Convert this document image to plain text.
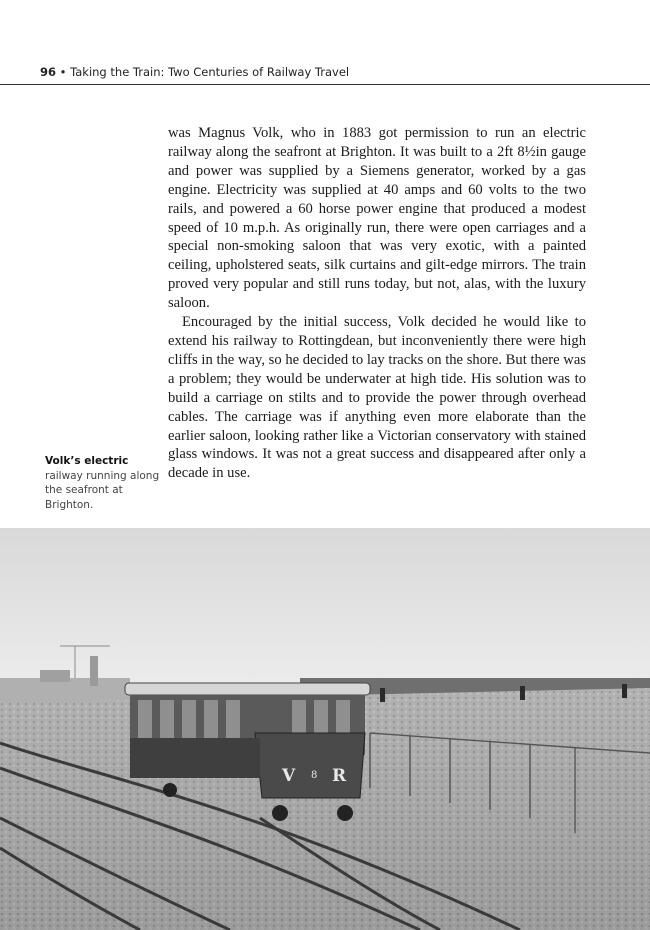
96 • Taking the Train: Two Centuries of Railway Travel

was Magnus Volk, who in 1883 got permission to run an electric railway along the seafront at Brighton. It was built to a 2ft 8½in gauge and power was supplied by a Siemens generator, worked by a gas engine. Electricity was supplied at 40 amps and 60 volts to the two rails, and powered a 60 horse power engine that produced a modest speed of 10 m.p.h. As originally run, there were open carriages and a special non-smoking saloon that was very exotic, with a painted ceiling, upholstered seats, silk curtains and gilt-edge mirrors. The train proved very popular and still runs today, but not, alas, with the luxury saloon.

Encouraged by the initial success, Volk decided he would like to extend his railway to Rottingdean, but inconveniently there were high cliffs in the way, so he decided to lay tracks on the shore. But there was a problem; they would be underwater at high tide. His solution was to build a carriage on stilts and to provide the power through overhead cables. The carriage was if anything even more elaborate than the earlier saloon, looking rather like a Victorian conservatory with stained glass windows. It was not a great success and disappeared after only a decade in use.

Volk’s electric
railway running along the seafront at Brighton.
V 8 R
